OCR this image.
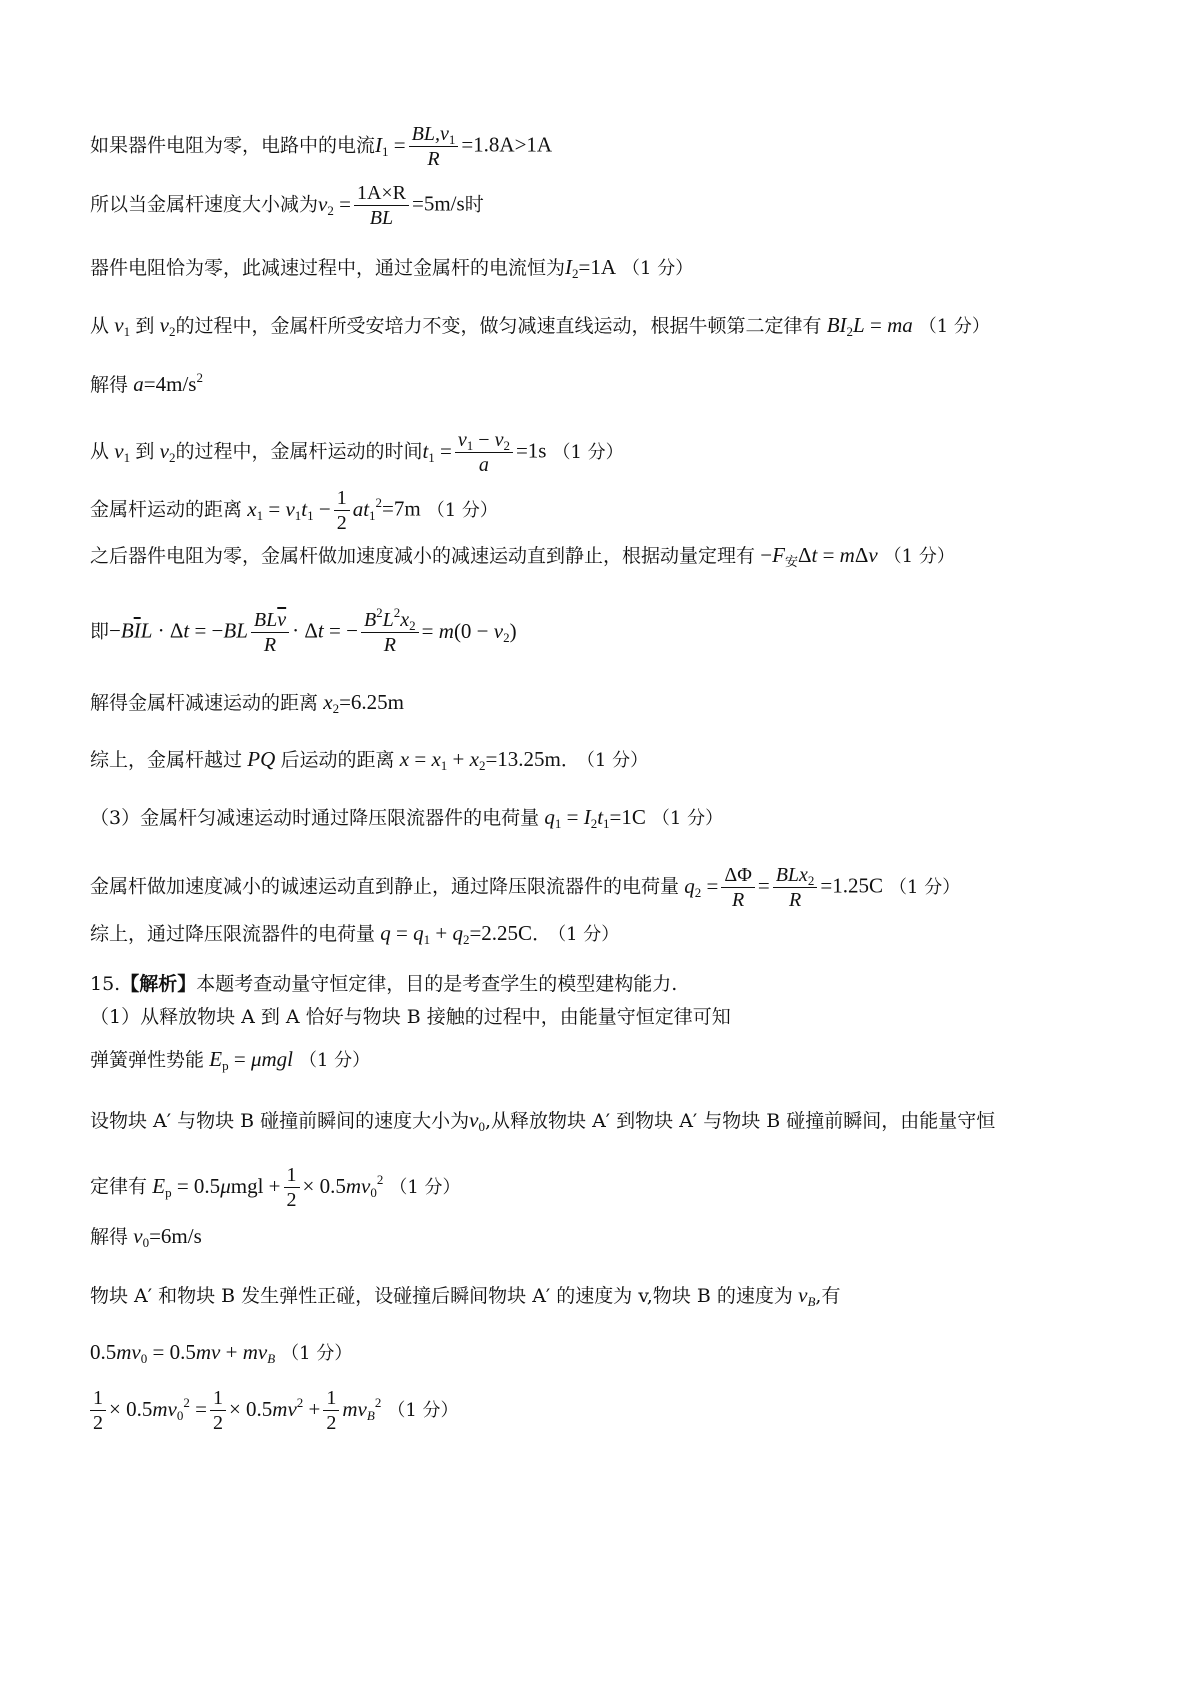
如果器件电阻为零，电路中的电流$I_1 = \frac{BL,v_1}{R} =1.8A>1A$
所以当金属杆速度大小减为$v_2 = \frac{1A\times R}{BL} =5m/s$时
器件电阻恰为零，此减速过程中，通过金属杆的电流恒为$I_2=1A$ （1 分）
从 $v_1$ 到 $v_2$的过程中，金属杆所受安培力不变，做匀减速直线运动，根据牛顿第二定律有 $BI_2L$ = ma （1 分）
解得 $a=4m/s^2$
从 $v_1$ 到 $v_2$的过程中，金属杆运动的时间$t_1 = \frac{v_1 - v_2}{a} =1s$ （1 分）
金属杆运动的距离 $x_1 = v_1t_1 - \frac{1}{2} at_1^2=7m$ （1 分）
之后器件电阻为零，金属杆做加速度减小的减速运动直到静止，根据动量定理有 $-F_安\Delta t = m\Delta v$ （1 分）
即$-B\overline{I}L \cdot \Delta t = -BL \frac{BL\overline{v}}{R} \cdot \Delta t$ = − $\frac{B^2L^2x_2}{R} = m(0 - v_2)$
解得金属杆减速运动的距离 $x_2=6.25m$
综上，金属杆越过 PQ 后运动的距离 $x = x_1 + x_2=13.25m$． （1 分）
（3）金属杆匀减速运动时通过降压限流器件的电荷量 $q_1 = I_2t_1=1C$ （1 分）
金属杆做加速度减小的诚速运动直到静止，通过降压限流器件的电荷量 $q_2 = \frac{\Delta\Phi}{R} = \frac{BLx_2}{R} =1.25C$ （1 分）
综上，通过降压限流器件的电荷量 $q = q_1 + q_2=2.25C$． （1 分）
15.【解析】本题考查动量守恒定律，目的是考查学生的模型建构能力.
（1）从释放物块 A 到 A 恰好与物块 B 接触的过程中，由能量守恒定律可知
弹簧弹性势能 $E_p = \mu mgl$ （1 分）
设物块 A′ 与物块 B 碰撞前瞬间的速度大小为$v_0$,从释放物块 A′ 到物块 A′ 与物块 B 碰撞前瞬间，由能量守恒
定律有 $E_p = 0.5\mu mgl + \frac{1}{2} \times 0.5mv_0^2$ （1 分）
解得 $v_0=6m/s$
物块 A′ 和物块 B 发生弹性正碰，设碰撞后瞬间物块 A′ 的速度为 v,物块 B 的速度为 $v_B$,有
$0.5mv_0 = 0.5mv + mv_B$ （1 分）
$\frac{1}{2} \times 0.5mv_0^2 = \frac{1}{2} \times 0.5mv^2 + \frac{1}{2} mv_B^2$ （1 分）
